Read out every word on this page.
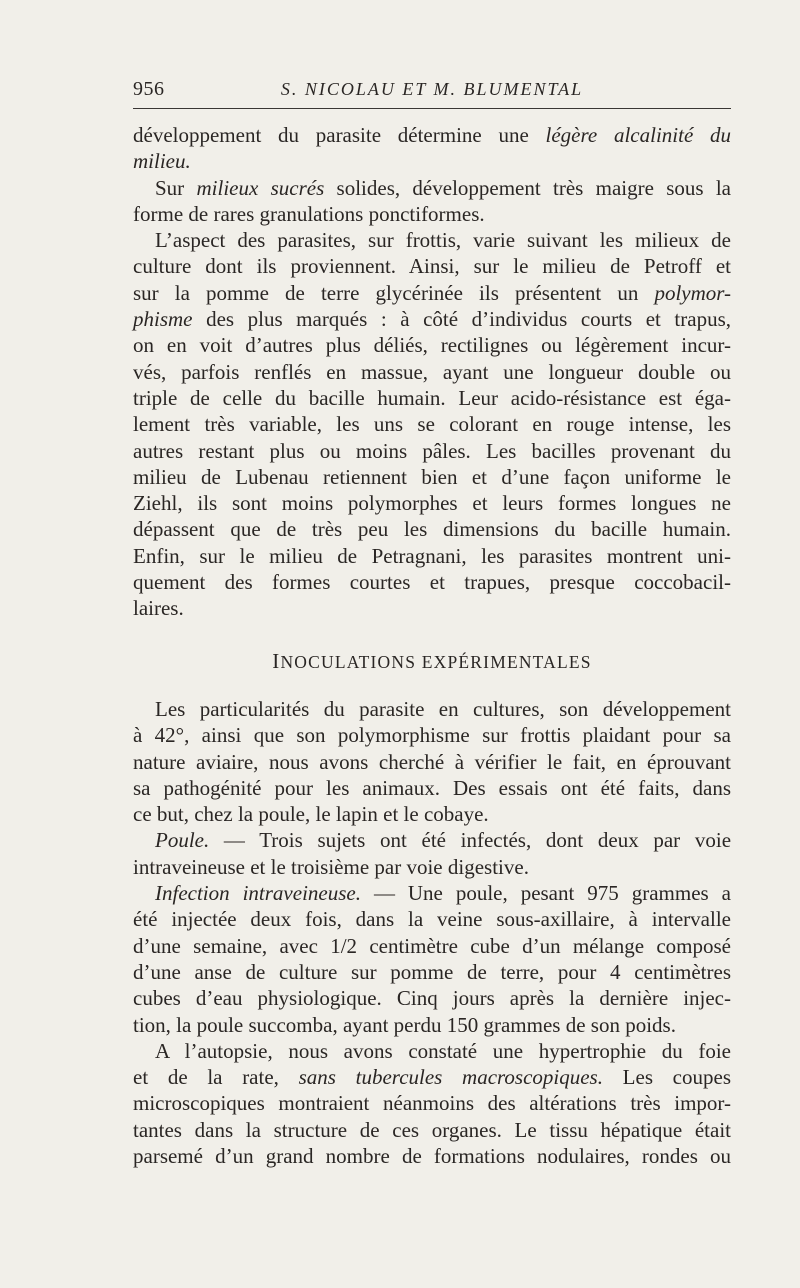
956	S. NICOLAU ET M. BLUMENTAL
développement du parasite détermine une légère alcalinité du
milieu.
Sur milieux sucrés solides, développement très maigre sous la
forme de rares granulations ponctiformes.
L’aspect des parasites, sur frottis, varie suivant les milieux de
culture dont ils proviennent. Ainsi, sur le milieu de Petroff et
sur la pomme de terre glycérinée ils présentent un polymor-
phisme des plus marqués : à côté d’individus courts et trapus,
on en voit d’autres plus déliés, rectilignes ou légèrement incur-
vés, parfois renflés en massue, ayant une longueur double ou
triple de celle du bacille humain. Leur acido-résistance est éga-
lement très variable, les uns se colorant en rouge intense, les
autres restant plus ou moins pâles. Les bacilles provenant du
milieu de Lubenau retiennent bien et d’une façon uniforme le
Ziehl, ils sont moins polymorphes et leurs formes longues ne
dépassent que de très peu les dimensions du bacille humain.
Enfin, sur le milieu de Petragnani, les parasites montrent uni-
quement des formes courtes et trapues, presque coccobacil-
laires.
INOCULATIONS EXPÉRIMENTALES
Les particularités du parasite en cultures, son développement
à 42°, ainsi que son polymorphisme sur frottis plaidant pour sa
nature aviaire, nous avons cherché à vérifier le fait, en éprouvant
sa pathogénité pour les animaux. Des essais ont été faits, dans
ce but, chez la poule, le lapin et le cobaye.
Poule. — Trois sujets ont été infectés, dont deux par voie
intraveineuse et le troisième par voie digestive.
Infection intraveineuse. — Une poule, pesant 975 grammes a
été injectée deux fois, dans la veine sous-axillaire, à intervalle
d’une semaine, avec 1/2 centimètre cube d’un mélange composé
d’une anse de culture sur pomme de terre, pour 4 centimètres
cubes d’eau physiologique. Cinq jours après la dernière injec-
tion, la poule succomba, ayant perdu 150 grammes de son poids.
A l’autopsie, nous avons constaté une hypertrophie du foie
et de la rate, sans tubercules macroscopiques. Les coupes
microscopiques montraient néanmoins des altérations très impor-
tantes dans la structure de ces organes. Le tissu hépatique était
parsemé d’un grand nombre de formations nodulaires, rondes ou
